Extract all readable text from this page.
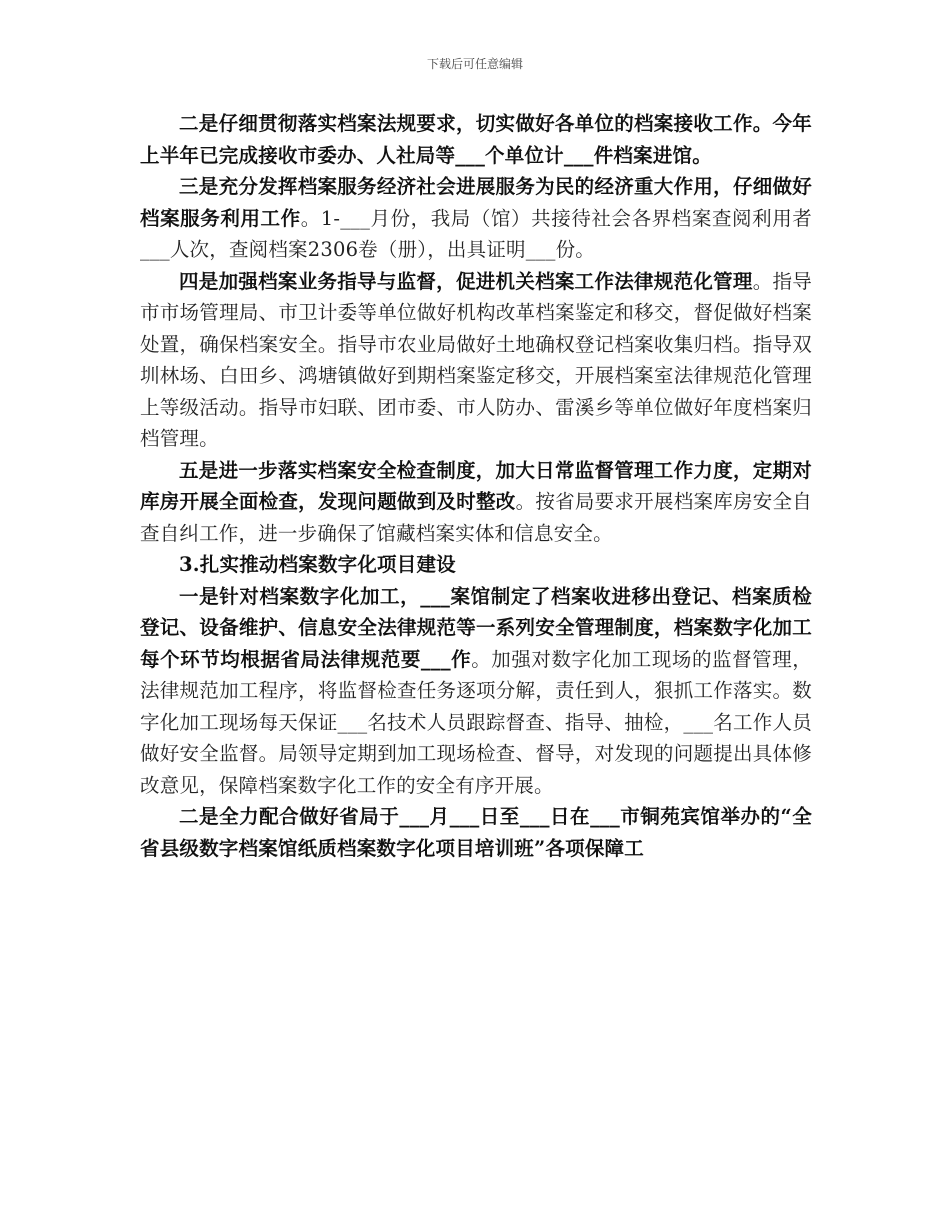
下载后可任意编辑

二是仔细贯彻落实档案法规要求，切实做好各单位的档案接收工作。今年上半年已完成接收市委办、人社局等___个单位计___件档案进馆。

三是充分发挥档案服务经济社会进展服务为民的经济重大作用，仔细做好档案服务利用工作。1-___月份，我局（馆）共接待社会各界档案查阅利用者___人次，查阅档案2306卷（册），出具证明___份。

四是加强档案业务指导与监督，促进机关档案工作法律规范化管理。指导市市场管理局、市卫计委等单位做好机构改革档案鉴定和移交，督促做好档案处置，确保档案安全。指导市农业局做好土地确权登记档案收集归档。指导双圳林场、白田乡、鸿塘镇做好到期档案鉴定移交，开展档案室法律规范化管理上等级活动。指导市妇联、团市委、市人防办、雷溪乡等单位做好年度档案归档管理。

五是进一步落实档案安全检查制度，加大日常监督管理工作力度，定期对库房开展全面检查，发现问题做到及时整改。按省局要求开展档案库房安全自查自纠工作，进一步确保了馆藏档案实体和信息安全。

3.扎实推动档案数字化项目建设

一是针对档案数字化加工，___案馆制定了档案收进移出登记、档案质检登记、设备维护、信息安全法律规范等一系列安全管理制度，档案数字化加工每个环节均根据省局法律规范要___作。加强对数字化加工现场的监督管理，法律规范加工程序，将监督检查任务逐项分解，责任到人，狠抓工作落实。数字化加工现场每天保证___名技术人员跟踪督查、指导、抽检，___名工作人员做好安全监督。局领导定期到加工现场检查、督导，对发现的问题提出具体修改意见，保障档案数字化工作的安全有序开展。

二是全力配合做好省局于___月___日至___日在___市铜苑宾馆举办的“全省县级数字档案馆纸质档案数字化项目培训班”各项保障工
